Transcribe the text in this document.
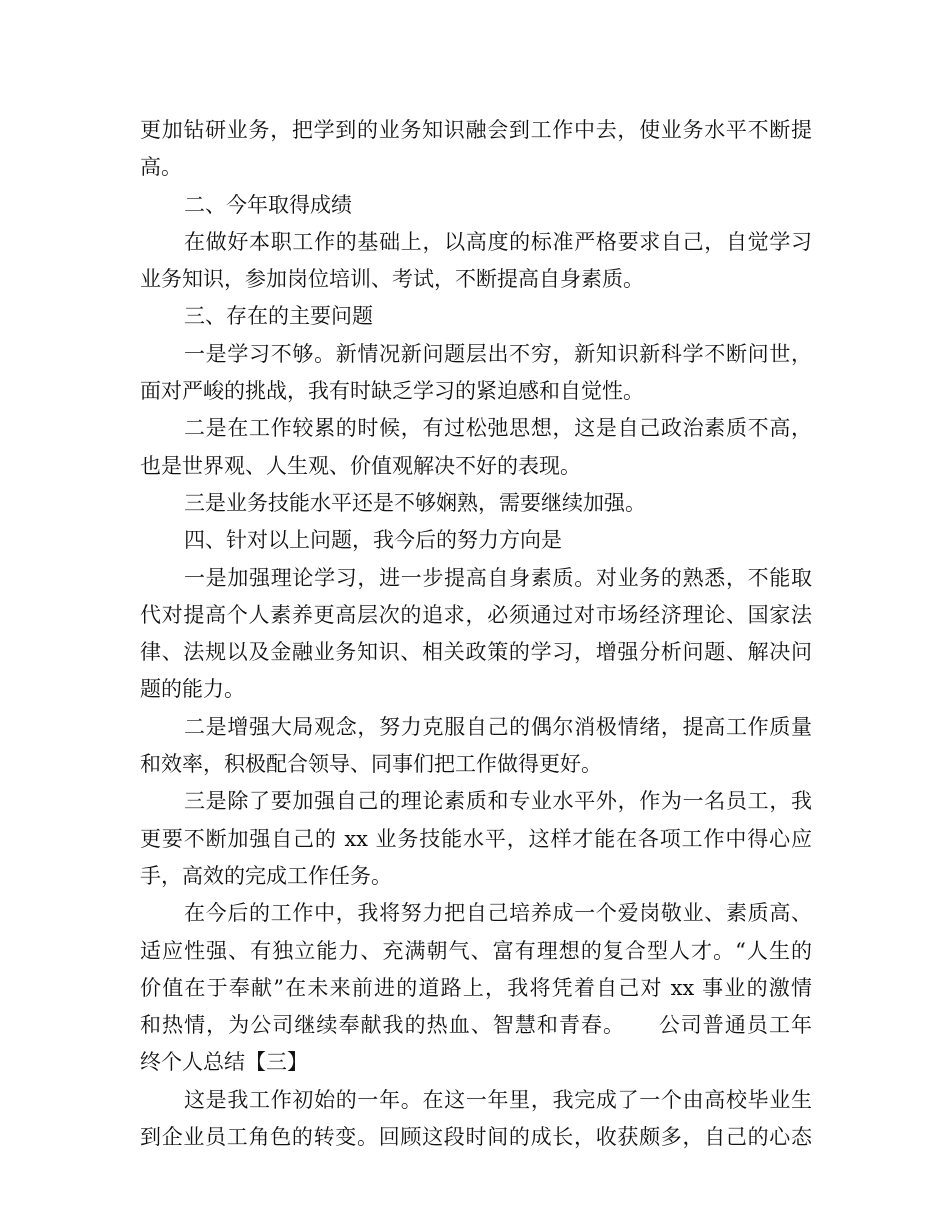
更加钻研业务，把学到的业务知识融会到工作中去，使业务水平不断提
高。
二、今年取得成绩
在做好本职工作的基础上，以高度的标准严格要求自己，自觉学习
业务知识，参加岗位培训、考试，不断提高自身素质。
三、存在的主要问题
一是学习不够。新情况新问题层出不穷，新知识新科学不断问世，
面对严峻的挑战，我有时缺乏学习的紧迫感和自觉性。
二是在工作较累的时候，有过松弛思想，这是自己政治素质不高，
也是世界观、人生观、价值观解决不好的表现。
三是业务技能水平还是不够娴熟，需要继续加强。
四、针对以上问题，我今后的努力方向是
一是加强理论学习，进一步提高自身素质。对业务的熟悉，不能取
代对提高个人素养更高层次的追求，必须通过对市场经济理论、国家法
律、法规以及金融业务知识、相关政策的学习，增强分析问题、解决问
题的能力。
二是增强大局观念，努力克服自己的偶尔消极情绪，提高工作质量
和效率，积极配合领导、同事们把工作做得更好。
三是除了要加强自己的理论素质和专业水平外，作为一名员工，我
更要不断加强自己的 xx 业务技能水平，这样才能在各项工作中得心应
手，高效的完成工作任务。
在今后的工作中，我将努力把自己培养成一个爱岗敬业、素质高、
适应性强、有独立能力、充满朝气、富有理想的复合型人才。“人生的
价值在于奉献”在未来前进的道路上，我将凭着自己对 xx 事业的激情
和热情，为公司继续奉献我的热血、智慧和青春。　　公司普通员工年
终个人总结【三】
这是我工作初始的一年。在这一年里，我完成了一个由高校毕业生
到企业员工角色的转变。回顾这段时间的成长，收获颇多，自己的心态
